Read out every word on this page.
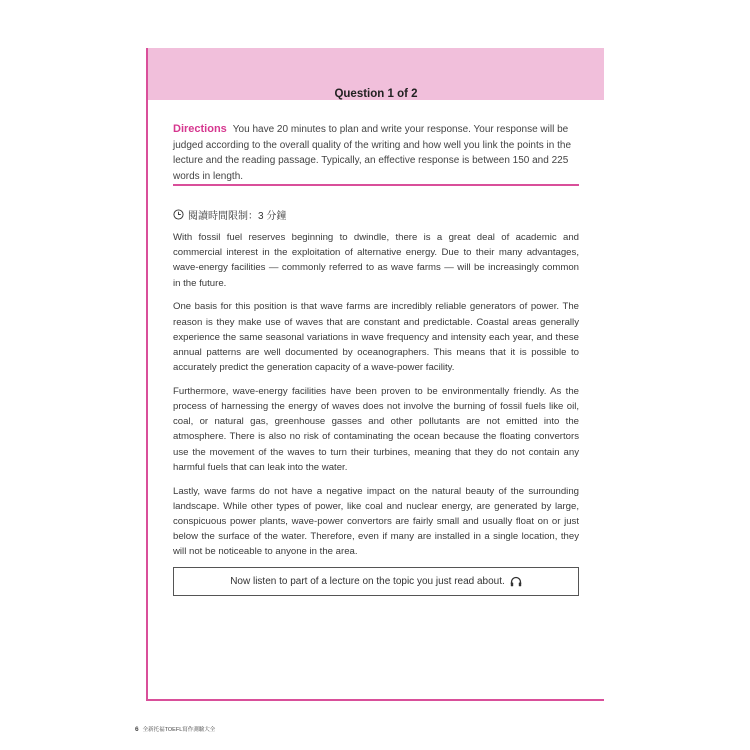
Question 1 of 2
Directions You have 20 minutes to plan and write your response. Your response will be judged according to the overall quality of the writing and how well you link the points in the lecture and the reading passage. Typically, an effective response is between 150 and 225 words in length.
閱讀時間限制：3 分鐘

With fossil fuel reserves beginning to dwindle, there is a great deal of academic and commercial interest in the exploitation of alternative energy. Due to their many advantages, wave-energy facilities — commonly referred to as wave farms — will be increasingly common in the future.

One basis for this position is that wave farms are incredibly reliable generators of power. The reason is they make use of waves that are constant and predictable. Coastal areas generally experience the same seasonal variations in wave frequency and intensity each year, and these annual patterns are well documented by oceanographers. This means that it is possible to accurately predict the generation capacity of a wave-power facility.

Furthermore, wave-energy facilities have been proven to be environmentally friendly. As the process of harnessing the energy of waves does not involve the burning of fossil fuels like oil, coal, or natural gas, greenhouse gasses and other pollutants are not emitted into the atmosphere. There is also no risk of contaminating the ocean because the floating convertors use the movement of the waves to turn their turbines, meaning that they do not contain any harmful fuels that can leak into the water.

Lastly, wave farms do not have a negative impact on the natural beauty of the surrounding landscape. While other types of power, like coal and nuclear energy, are generated by large, conspicuous power plants, wave-power convertors are fairly small and usually float on or just below the surface of the water. Therefore, even if many are installed in a single location, they will not be noticeable to anyone in the area.

Now listen to part of a lecture on the topic you just read about.
6 全新托福TOEFL寫作測驗大全
